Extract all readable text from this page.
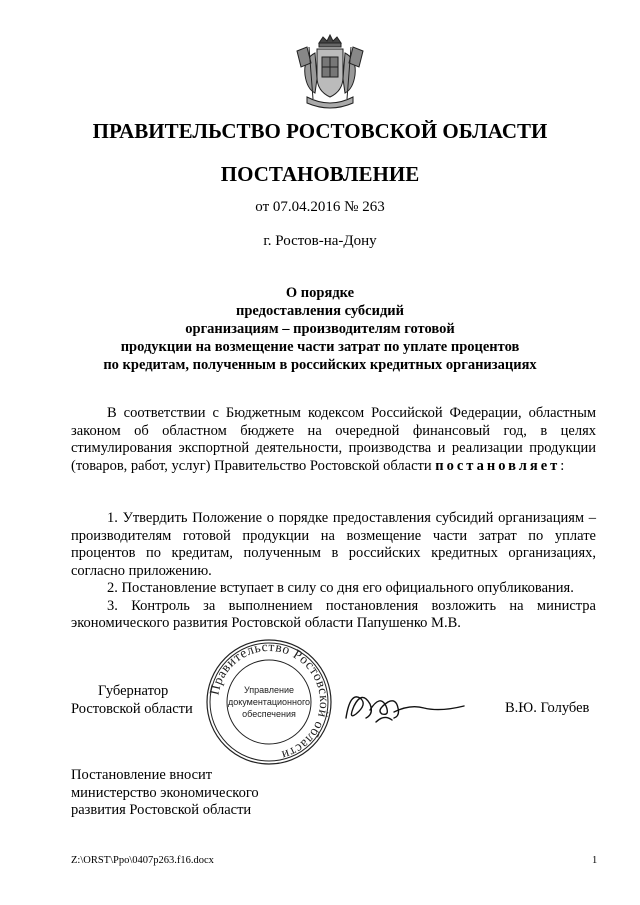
ПРАВИТЕЛЬСТВО РОСТОВСКОЙ ОБЛАСТИ
ПОСТАНОВЛЕНИЕ
от 07.04.2016 № 263
г. Ростов-на-Дону
О порядке
предоставления субсидий
организациям – производителям готовой
продукции на возмещение части затрат по уплате процентов
по кредитам, полученным в российских кредитных организациях
В соответствии с Бюджетным кодексом Российской Федерации, областным законом об областном бюджете на очередной финансовый год, в целях стимулирования экспортной деятельности, производства и реализации продукции (товаров, работ, услуг) Правительство Ростовской области постановляет:
1. Утвердить Положение о порядке предоставления субсидий организациям – производителям готовой продукции на возмещение части затрат по уплате процентов по кредитам, полученным в российских кредитных организациях, согласно приложению.
2. Постановление вступает в силу со дня его официального опубликования.
3. Контроль за выполнением постановления возложить на министра экономического развития Ростовской области Папушенко М.В.
Губернатор
Ростовской области
Правительство Ростовской области
Управление
документационного
обеспечения	В.Ю. Голубев
Постановление вносит
министерство экономического
развития Ростовской области
Z:\ORST\Ppo\0407p263.f16.docx	1
